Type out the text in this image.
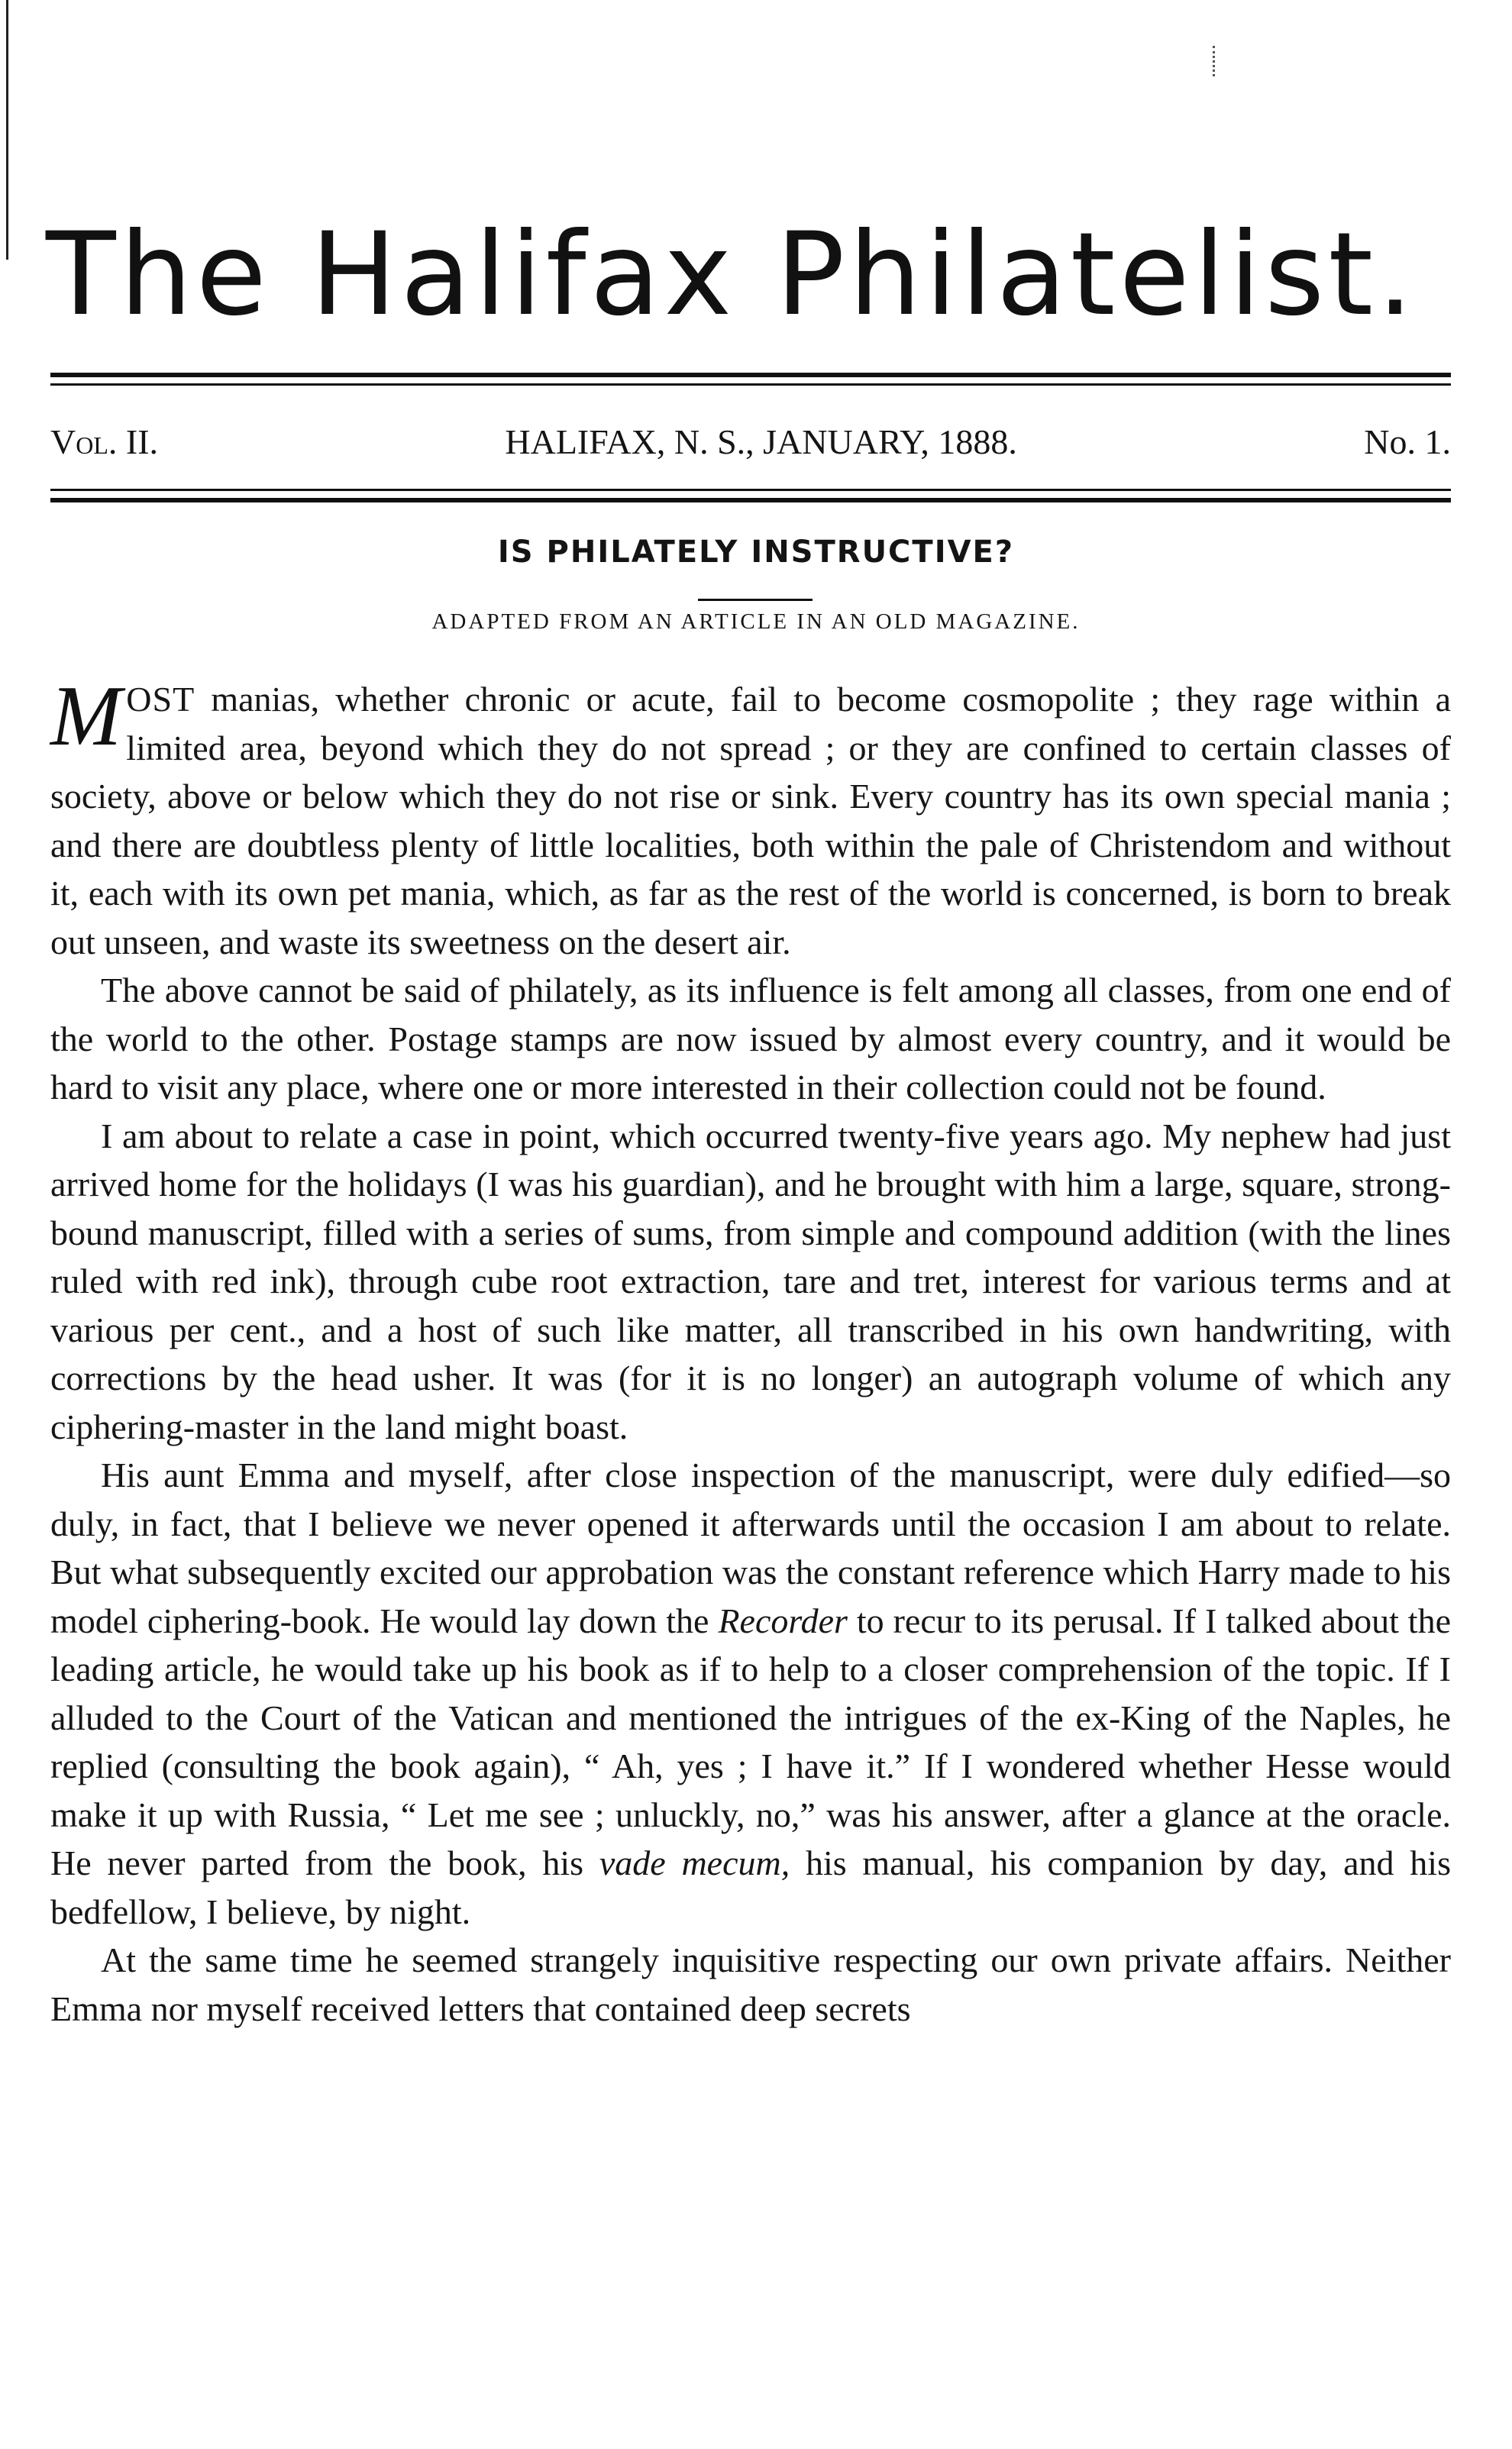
The Halifax Philatelist.
Vol. II.	HALIFAX, N. S., JANUARY, 1888.	No. 1.
IS PHILATELY INSTRUCTIVE?
ADAPTED FROM AN ARTICLE IN AN OLD MAGAZINE.

MOST manias, whether chronic or acute, fail to become cosmopolite ; they rage within a limited area, beyond which they do not spread ; or they are confined to certain classes of society, above or below which they do not rise or sink. Every country has its own special mania ; and there are doubtless plenty of little localities, both within the pale of Christendom and without it, each with its own pet mania, which, as far as the rest of the world is concerned, is born to break out unseen, and waste its sweetness on the desert air.

The above cannot be said of philately, as its influence is felt among all classes, from one end of the world to the other. Postage stamps are now issued by almost every country, and it would be hard to visit any place, where one or more interested in their collection could not be found.

I am about to relate a case in point, which occurred twenty-five years ago. My nephew had just arrived home for the holidays (I was his guardian), and he brought with him a large, square, strong-bound manuscript, filled with a series of sums, from simple and compound addition (with the lines ruled with red ink), through cube root extraction, tare and tret, interest for various terms and at various per cent., and a host of such like matter, all transcribed in his own handwriting, with corrections by the head usher. It was (for it is no longer) an autograph volume of which any ciphering-master in the land might boast.

His aunt Emma and myself, after close inspection of the manuscript, were duly edified—so duly, in fact, that I believe we never opened it afterwards until the occasion I am about to relate. But what subsequently excited our approbation was the constant reference which Harry made to his model ciphering-book. He would lay down the Recorder to recur to its perusal. If I talked about the leading article, he would take up his book as if to help to a closer comprehension of the topic. If I alluded to the Court of the Vatican and mentioned the intrigues of the ex-King of the Naples, he replied (consulting the book again), “ Ah, yes ; I have it.” If I wondered whether Hesse would make it up with Russia, “ Let me see ; unluckly, no,” was his answer, after a glance at the oracle. He never parted from the book, his vade mecum, his manual, his companion by day, and his bedfellow, I believe, by night.

At the same time he seemed strangely inquisitive respecting our own private affairs. Neither Emma nor myself received letters that contained deep secrets
